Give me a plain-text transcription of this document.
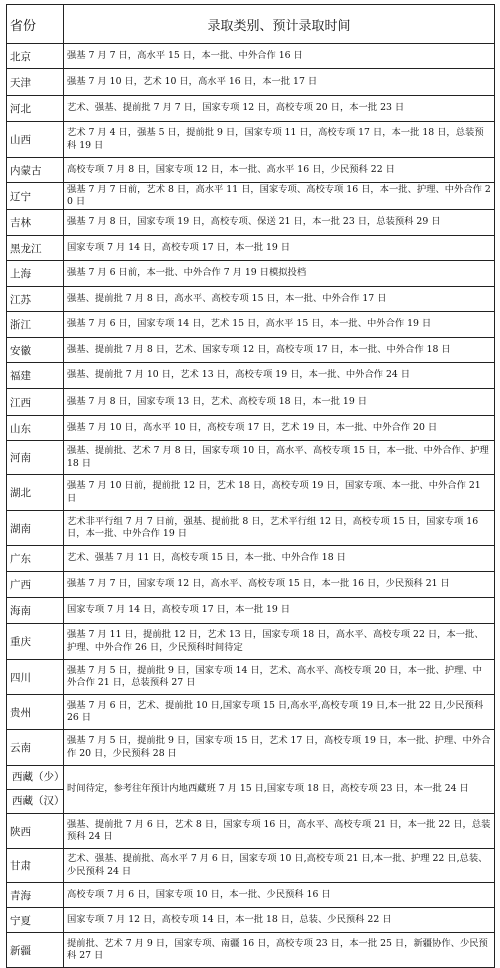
省份	录取类别、预计录取时间
北京	强基 7 月 7 日，高水平 15 日，本一批、中外合作 16 日
天津	强基 7 月 10 日，艺术 10 日，高水平 16 日，本一批 17 日
河北	艺术、强基、提前批 7 月 7 日，国家专项 12 日，高校专项 20 日，本一批 23 日
山西	艺术 7 月 4 日，强基 5 日，提前批 9 日，国家专项 11 日，高校专项 17 日，本一批 18 日，总装预科 19 日
内蒙古	高校专项 7 月 8 日，国家专项 12 日，本一批、高水平 16 日，少民预科 22 日
辽宁	强基 7 月 7 日前，艺术 8 日，高水平 11 日，国家专项、高校专项 16 日，本一批、护理、中外合作 20 日
吉林	强基 7 月 8 日，国家专项 19 日，高校专项、保送 21 日，本一批 23 日，总装预科 29 日
黑龙江	国家专项 7 月 14 日，高校专项 17 日，本一批 19 日
上海	强基 7 月 6 日前，本一批、中外合作 7 月 19 日模拟投档
江苏	强基、提前批 7 月 8 日，高水平、高校专项 15 日，本一批、中外合作 17 日
浙江	强基 7 月 6 日，国家专项 14 日，艺术 15 日，高水平 15 日，本一批、中外合作 19 日
安徽	强基、提前批 7 月 8 日，艺术、国家专项 12 日，高校专项 17 日，本一批、中外合作 18 日
福建	强基、提前批 7 月 10 日，艺术 13 日，高校专项 19 日，本一批、中外合作 24 日
江西	强基 7 月 8 日，国家专项 13 日，艺术、高校专项 18 日，本一批 19 日
山东	强基 7 月 10 日，高水平 10 日，高校专项 17 日，艺术 19 日，本一批、中外合作 20 日
河南	强基、提前批、艺术 7 月 8 日，国家专项 10 日，高水平、高校专项 15 日，本一批、中外合作、护理 18 日
湖北	强基 7 月 10 日前，提前批 12 日，艺术 18 日，高校专项 19 日，国家专项、本一批、中外合作 21 日
湖南	艺术非平行组 7 月 7 日前，强基、提前批 8 日，艺术平行组 12 日，高校专项 15 日，国家专项 16 日，本一批、中外合作 19 日
广东	艺术、强基 7 月 11 日，高校专项 15 日，本一批、中外合作 18 日
广西	强基 7 月 7 日，国家专项 12 日，高水平、高校专项 15 日，本一批 16 日，少民预科 21 日
海南	国家专项 7 月 14 日，高校专项 17 日，本一批 19 日
重庆	强基 7 月 11 日，提前批 12 日，艺术 13 日，国家专项 18 日，高水平、高校专项 22 日，本一批、护理、中外合作 26 日，少民预科时间待定
四川	强基 7 月 5 日，提前批 9 日，国家专项 14 日，艺术、高水平、高校专项 20 日，本一批、护理、中外合作 21 日，总装预科 27 日
贵州	强基 7 月 6 日，艺术、提前批 10 日,国家专项 15 日,高水平,高校专项 19 日,本一批 22 日,少民预科 26 日
云南	强基 7 月 5 日，提前批 9 日，国家专项 15 日，艺术 17 日，高校专项 19 日，本一批、护理、中外合作 20 日，少民预科 28 日

西藏（少）
西藏（汉）	时间待定，参考往年预计内地西藏班 7 月 15 日,国家专项 18 日，高校专项 23 日，本一批 24 日
陕西	强基、提前批 7 月 6 日，艺术 8 日，国家专项 16 日，高水平、高校专项 21 日，本一批 22 日，总装预科 24 日
甘肃	艺术、强基、提前批、高水平 7 月 6 日，国家专项 10 日,高校专项 21 日,本一批、护理 22 日,总装、少民预科 24 日
青海	高校专项 7 月 6 日，国家专项 10 日，本一批、少民预科 16 日
宁夏	国家专项 7 月 12 日，高校专项 14 日，本一批 18 日，总装、少民预科 22 日
新疆	提前批、艺术 7 月 9 日，国家专项、南疆 16 日，高校专项 23 日，本一批 25 日，新疆协作、少民预科 27 日
